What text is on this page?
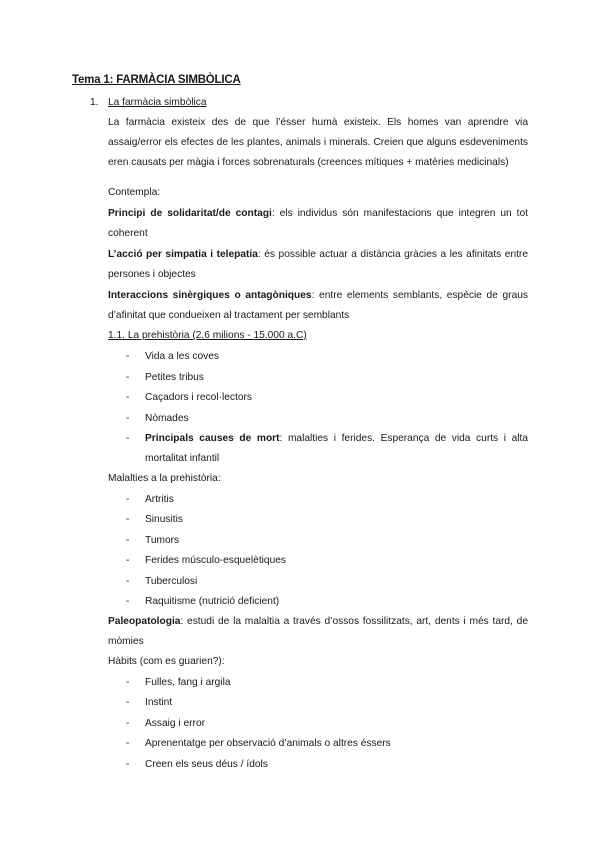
Tema 1: FARMÀCIA SIMBÒLICA
1. La farmàcia simbòlica
La farmàcia existeix des de que l’ésser humà existeix. Els homes van aprendre via
assaig/error els efectes de les plantes, animals i minerals. Creien que alguns esdeveniments
eren causats per màgia i forces sobrenaturals (creences mítiques + matèries medicinals)
Contempla:
Principi de solidaritat/de contagi: els individus són manifestacions que integren un tot
coherent
L’acció per simpatia i telepatia: és possible actuar a distància gràcies a les afinitats entre
persones i objectes
Interaccions sinèrgiques o antagòniques: entre elements semblants, espècie de graus
d’afinitat que condueixen al tractament per semblants
1.1. La prehistòria (2,6 milions - 15.000 a.C)
- Vida a les coves
- Petites tribus
- Caçadors i recol·lectors
- Nòmades
- Principals causes de mort: malalties i ferides. Esperança de vida curts i alta
mortalitat infantil
Malalties a la prehistòria:
- Artritis
- Sinusitis
- Tumors
- Ferides músculo-esquelètiques
- Tuberculosi
- Raquitisme (nutrició deficient)
Paleopatologia: estudi de la malaltia a través d’ossos fossilitzats, art, dents i més tard, de
mòmies
Hàbits (com es guarien?):
- Fulles, fang i argila
- Instint
- Assaig i error
- Aprenentatge per observació d’animals o altres éssers
- Creen els seus déus / ídols
